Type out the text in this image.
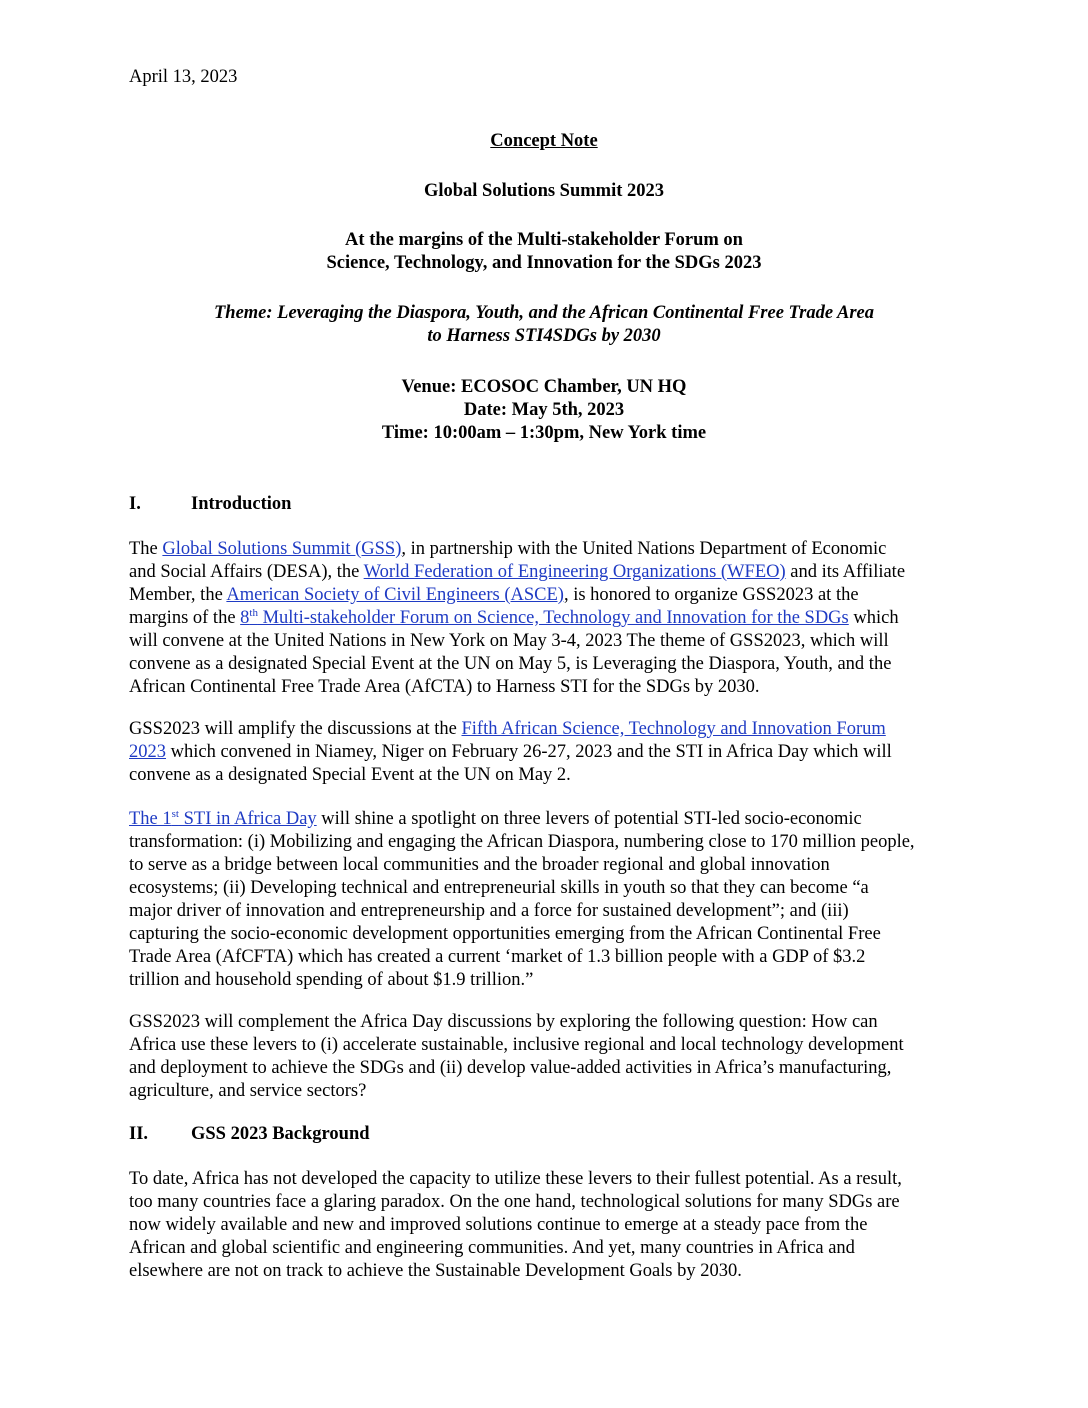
April 13, 2023
Concept Note
Global Solutions Summit 2023
At the margins of the Multi-stakeholder Forum on
Science, Technology, and Innovation for the SDGs 2023
Theme: Leveraging the Diaspora, Youth, and the African Continental Free Trade Area
to Harness STI4SDGs by 2030
Venue: ECOSOC Chamber, UN HQ
Date: May 5th, 2023
Time: 10:00am – 1:30pm, New York time
I.	Introduction
The Global Solutions Summit (GSS), in partnership with the United Nations Department of Economic
and Social Affairs (DESA), the World Federation of Engineering Organizations (WFEO) and its Affiliate
Member, the American Society of Civil Engineers (ASCE), is honored to organize GSS2023 at the
margins of the 8th Multi-stakeholder Forum on Science, Technology and Innovation for the SDGs which
will convene at the United Nations in New York on May 3-4, 2023 The theme of GSS2023, which will
convene as a designated Special Event at the UN on May 5, is Leveraging the Diaspora, Youth, and the
African Continental Free Trade Area (AfCTA) to Harness STI for the SDGs by 2030.
GSS2023 will amplify the discussions at the Fifth African Science, Technology and Innovation Forum
2023 which convened in Niamey, Niger on February 26-27, 2023 and the STI in Africa Day which will
convene as a designated Special Event at the UN on May 2.
The 1st STI in Africa Day will shine a spotlight on three levers of potential STI-led socio-economic
transformation: (i) Mobilizing and engaging the African Diaspora, numbering close to 170 million people,
to serve as a bridge between local communities and the broader regional and global innovation
ecosystems; (ii) Developing technical and entrepreneurial skills in youth so that they can become “a
major driver of innovation and entrepreneurship and a force for sustained development”; and (iii)
capturing the socio-economic development opportunities emerging from the African Continental Free
Trade Area (AfCFTA) which has created a current ‘market of 1.3 billion people with a GDP of $3.2
trillion and household spending of about $1.9 trillion.”
GSS2023 will complement the Africa Day discussions by exploring the following question: How can
Africa use these levers to (i) accelerate sustainable, inclusive regional and local technology development
and deployment to achieve the SDGs and (ii) develop value-added activities in Africa’s manufacturing,
agriculture, and service sectors?
II. GSS 2023 Background
To date, Africa has not developed the capacity to utilize these levers to their fullest potential. As a result,
too many countries face a glaring paradox. On the one hand, technological solutions for many SDGs are
now widely available and new and improved solutions continue to emerge at a steady pace from the
African and global scientific and engineering communities. And yet, many countries in Africa and
elsewhere are not on track to achieve the Sustainable Development Goals by 2030.
